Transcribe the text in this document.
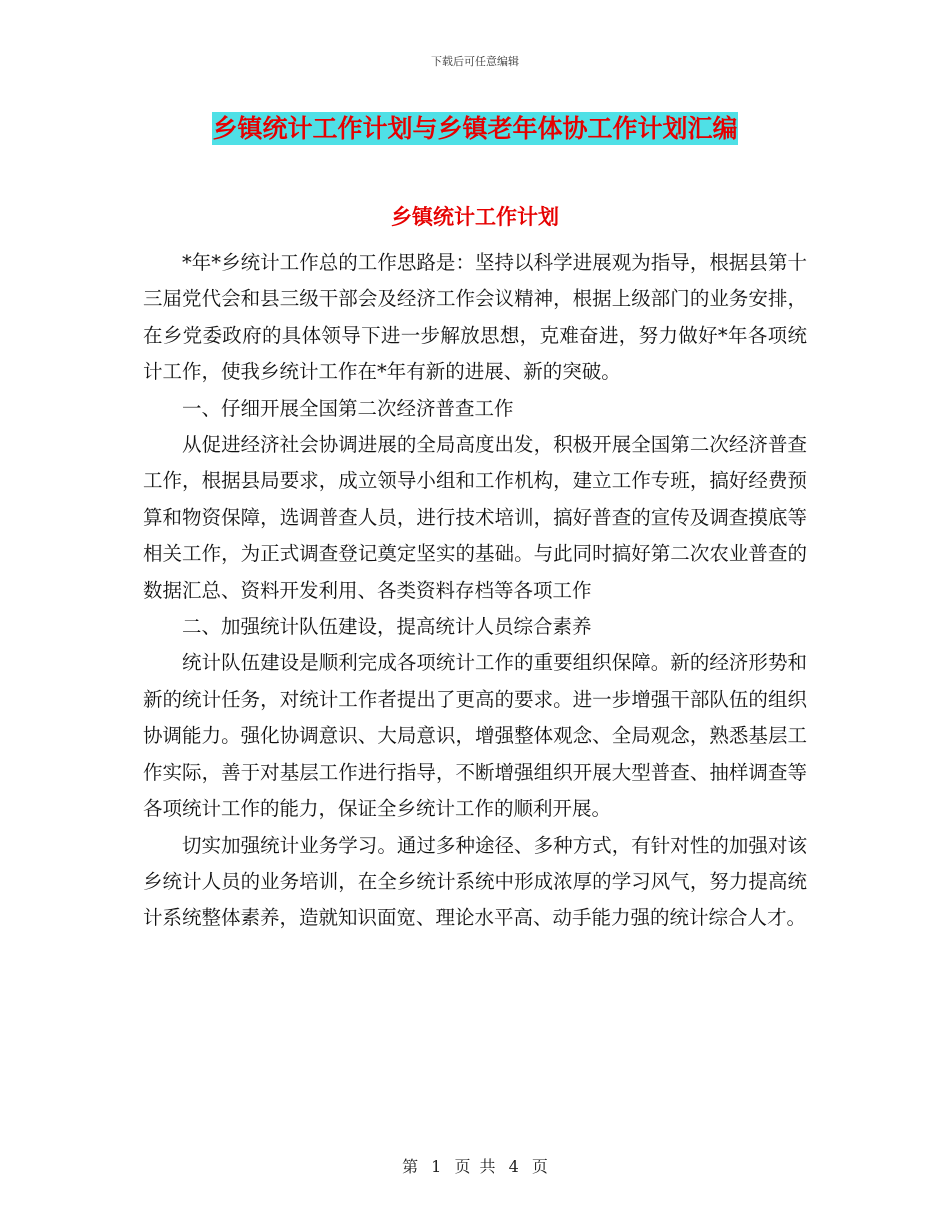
下载后可任意编辑
乡镇统计工作计划与乡镇老年体协工作计划汇编
乡镇统计工作计划

*年*乡统计工作总的工作思路是：坚持以科学进展观为指导，根据县第十三届党代会和县三级干部会及经济工作会议精神，根据上级部门的业务安排，在乡党委政府的具体领导下进一步解放思想，克难奋进，努力做好*年各项统计工作，使我乡统计工作在*年有新的进展、新的突破。

一、仔细开展全国第二次经济普查工作

从促进经济社会协调进展的全局高度出发，积极开展全国第二次经济普查工作，根据县局要求，成立领导小组和工作机构，建立工作专班，搞好经费预算和物资保障，选调普查人员，进行技术培训，搞好普查的宣传及调查摸底等相关工作，为正式调查登记奠定坚实的基础。与此同时搞好第二次农业普查的数据汇总、资料开发利用、各类资料存档等各项工作

二、加强统计队伍建设，提高统计人员综合素养

统计队伍建设是顺利完成各项统计工作的重要组织保障。新的经济形势和新的统计任务，对统计工作者提出了更高的要求。进一步增强干部队伍的组织协调能力。强化协调意识、大局意识，增强整体观念、全局观念，熟悉基层工作实际，善于对基层工作进行指导，不断增强组织开展大型普查、抽样调查等各项统计工作的能力，保证全乡统计工作的顺利开展。

切实加强统计业务学习。通过多种途径、多种方式，有针对性的加强对该乡统计人员的业务培训，在全乡统计系统中形成浓厚的学习风气，努力提高统计系统整体素养，造就知识面宽、理论水平高、动手能力强的统计综合人才。

第 1 页 共 4 页
